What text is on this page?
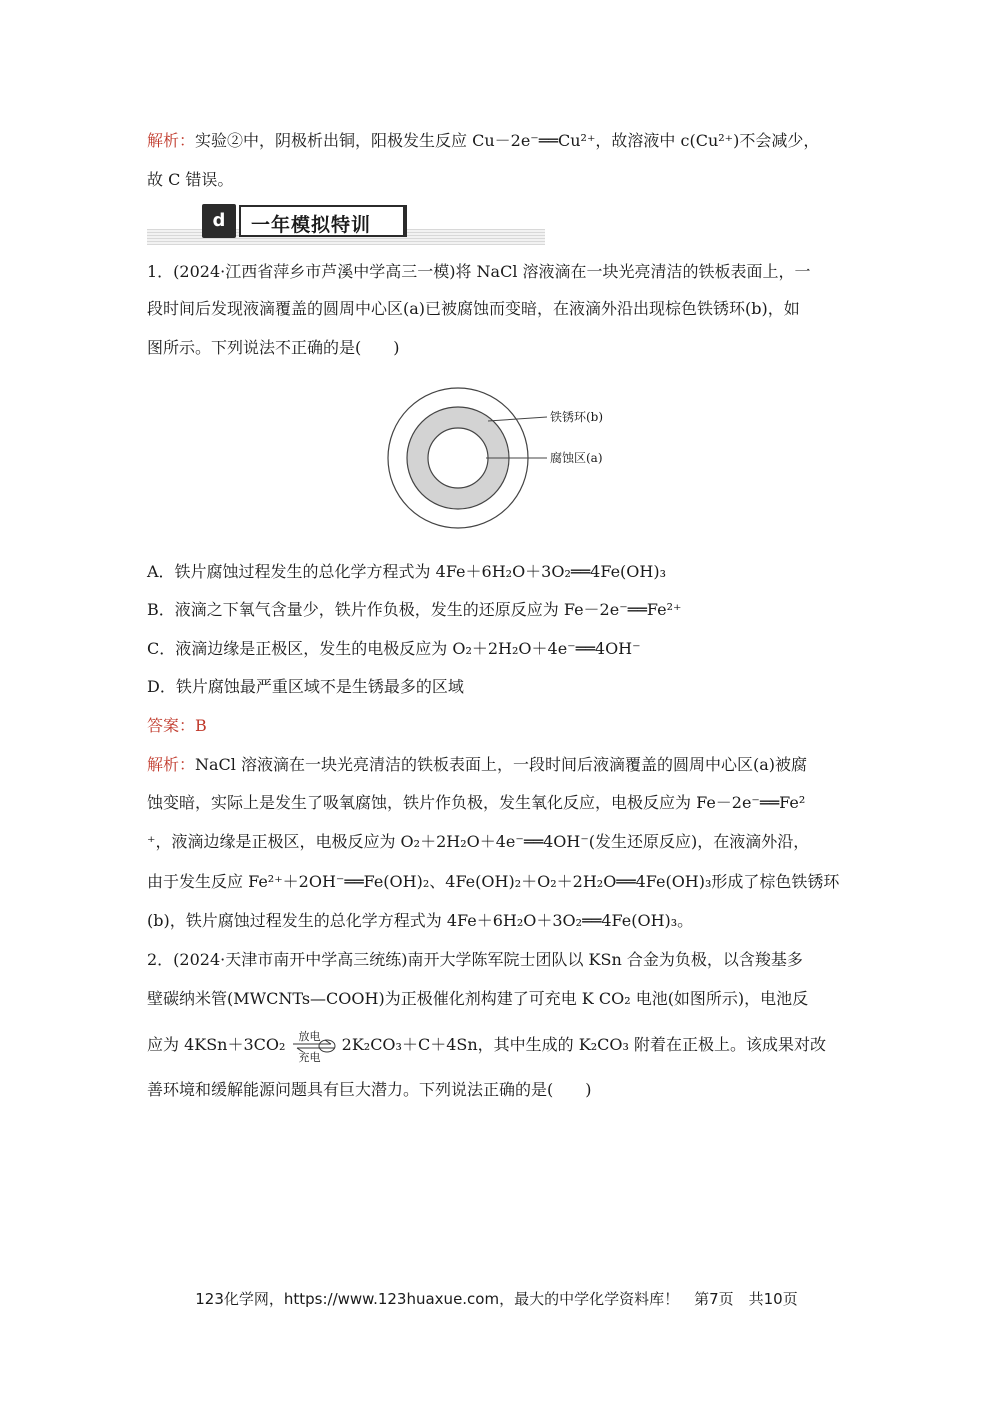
解析：实验②中，阴极析出铜，阳极发生反应 Cu－2e⁻══Cu²⁺，故溶液中 c(Cu²⁺)不会减少，
故 C 错误。
d	一年模拟特训
1．(2024·江西省萍乡市芦溪中学高三一模)将 NaCl 溶液滴在一块光亮清洁的铁板表面上，一
段时间后发现液滴覆盖的圆周中心区(a)已被腐蚀而变暗，在液滴外沿出现棕色铁锈环(b)，如
图所示。下列说法不正确的是(　　)
铁锈环(b)
腐蚀区(a)
A．铁片腐蚀过程发生的总化学方程式为 4Fe＋6H₂O＋3O₂══4Fe(OH)₃
B．液滴之下氧气含量少，铁片作负极，发生的还原反应为 Fe－2e⁻══Fe²⁺
C．液滴边缘是正极区，发生的电极反应为 O₂＋2H₂O＋4e⁻══4OH⁻
D．铁片腐蚀最严重区域不是生锈最多的区域
答案：B
解析：NaCl 溶液滴在一块光亮清洁的铁板表面上，一段时间后液滴覆盖的圆周中心区(a)被腐
蚀变暗，实际上是发生了吸氧腐蚀，铁片作负极，发生氧化反应，电极反应为 Fe－2e⁻══Fe²
⁺，液滴边缘是正极区，电极反应为 O₂＋2H₂O＋4e⁻══4OH⁻(发生还原反应)，在液滴外沿，
由于发生反应 Fe²⁺＋2OH⁻══Fe(OH)₂、4Fe(OH)₂＋O₂＋2H₂O══4Fe(OH)₃形成了棕色铁锈环
(b)，铁片腐蚀过程发生的总化学方程式为 4Fe＋6H₂O＋3O₂══4Fe(OH)₃。
2．(2024·天津市南开中学高三统练)南开大学陈军院士团队以 KSn 合金为负极，以含羧基多
壁碳纳米管(MWCNTs—COOH)为正极催化剂构建了可充电 K CO₂ 电池(如图所示)，电池反
应为 4KSn＋3CO₂ 放电
充电
2K₂CO₃＋C＋4Sn，其中生成的 K₂CO₃ 附着在正极上。该成果对改
善环境和缓解能源问题具有巨大潜力。下列说法正确的是(　　)
123化学网，https://www.123huaxue.com，最大的中学化学资料库！　第7页　共10页
